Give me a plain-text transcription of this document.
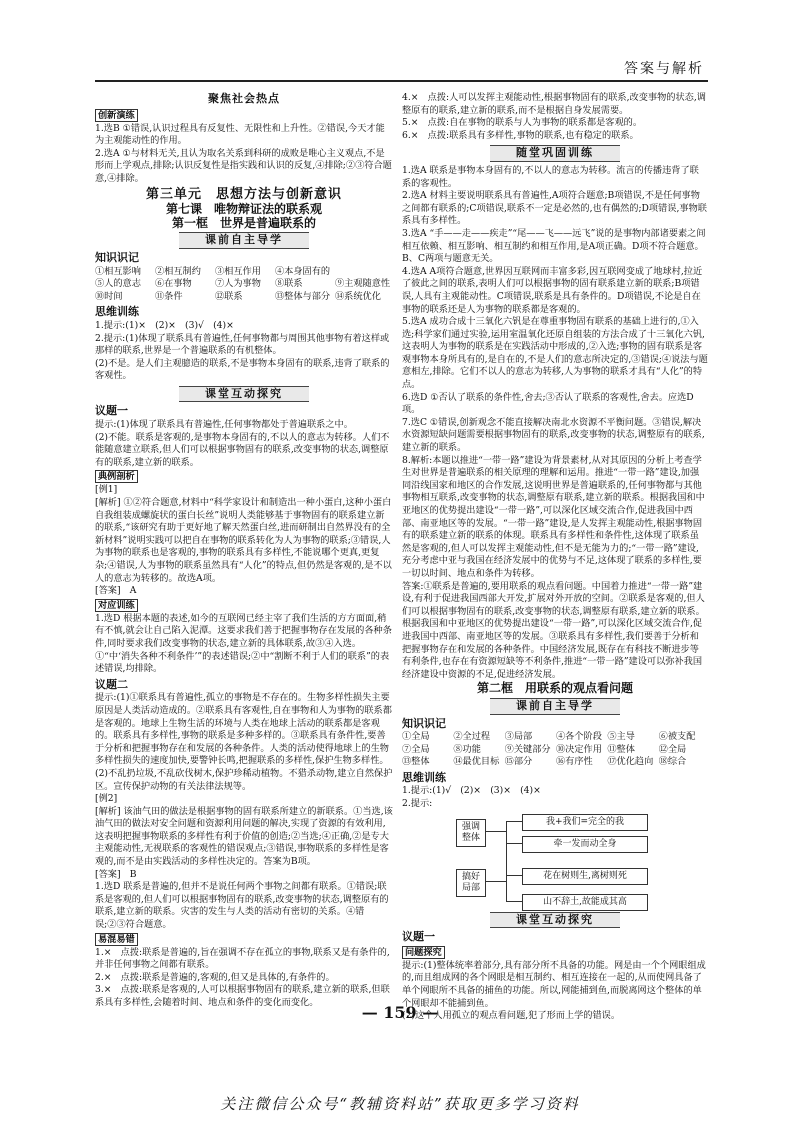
答案与解析
聚焦社会热点
创新演练

1.选B ①错误,认识过程具有反复性、无限性和上升性。②错误,今天才能为主观能动性的作用。

2.选A ①与材料无关,且认为取名关系到科研的成败是唯心主义观点,不是形而上学观点,排除;认识反复性是指实践和认识的反复,④排除;②③符合题意,④排除。

第三单元　思想方法与创新意识
第七课　唯物辩证法的联系观
第一框　世界是普遍联系的
课前自主导学
知识识记
①相互影响	②相互制约	③相互作用	④本身固有的
⑤人的意志	⑥在事物	⑦人为事物	⑧联系	⑨主观随意性
⑩时间	⑪条件	⑫联系	⑬整体与部分 ⑭系统优化
思维训练

1.提示:(1)×　(2)×　(3)√　(4)×

2.提示:(1)体现了联系具有普遍性,任何事物都与周围其他事物有着这样或那样的联系,世界是一个普遍联系的有机整体。

(2)不是。是人们主观臆造的联系,不是事物本身固有的联系,违背了联系的客观性。

课堂互动探究
议题一

提示:(1)体现了联系具有普遍性,任何事物都处于普遍联系之中。

(2)不能。联系是客观的,是事物本身固有的,不以人的意志为转移。人们不能随意建立联系,但人们可以根据事物固有的联系,改变事物的状态,调整原有的联系,建立新的联系。

典例剖析

[例1]

[解析] ①②符合题意,材料中“科学家设计和制造出一种小蛋白,这种小蛋白自我组装成螺旋状的蛋白长丝”说明人类能够基于事物固有的联系建立新的联系,“该研究有助于更好地了解天然蛋白丝,进而研制出自然界没有的全新材料”说明实践可以把自在事物的联系转化为人为事物的联系;③错误,人为事物的联系也是客观的,事物的联系具有多样性,不能说哪个更真,更复杂;④错误,人为事物的联系虽然具有“人化”的特点,但仍然是客观的,是不以人的意志为转移的。故选A项。

[答案]　A

对应训练

1.选D 根据本题的表述,如今的互联网已经主宰了我们生活的方方面面,稍有不慎,就会让自己陷入泥潭。这要求我们善于把握事物存在发展的各种条件,同时要求我们改变事物的状态,建立新的具体联系,故③④入选。①“中‘消失各种不利条件’”的表述错误;②中“割断不利于人们的联系”的表述错误,均排除。

议题二

提示:(1)①联系具有普遍性,孤立的事物是不存在的。生物多样性损失主要原因是人类活动造成的。②联系具有客观性,自在事物和人为事物的联系都是客观的。地球上生物生活的环境与人类在地球上活动的联系都是客观的。联系具有多样性,事物的联系是多种多样的。③联系具有条件性,要善于分析和把握事物存在和发展的各种条件。人类的活动使得地球上的生物多样性损失的速度加快,要警钟长鸣,把握联系的多样性,保护生物多样性。

(2)不乱扔垃圾,不乱砍伐树木,保护珍稀动植物。不猎杀动物,建立自然保护区。宣传保护动物的有关法律法规等。

[例2]

[解析] 该油气田的做法是根据事物的固有联系所建立的新联系。①当选,该油气田的做法对安全问题和资源利用问题的解决,实现了资源的有效利用,这表明把握事物联系的多样性有利于价值的创造;②当选;④正确,②是专大主观能动性,无视联系的客观性的错误观点;③错误,事物联系的多样性是客观的,而不是由实践活动的多样性决定的。答案为B项。

[答案]　B

1.选D 联系是普遍的,但并不是说任何两个事物之间都有联系。①错误;联系是客观的,但人们可以根据事物固有的联系,改变事物的状态,调整原有的联系,建立新的联系。灾害的发生与人类的活动有密切的关系。④错误;②③符合题意。

易混易错

1.×　点拨:联系是普遍的,旨在强调不存在孤立的事物,联系又是有条件的,并非任何事物之间都有联系。

2.×　点拨:联系是普遍的,客观的,但又是具体的,有条件的。

3.×　点拨:联系是客观的,人可以根据事物固有的联系,建立新的联系,但联系具有多样性,会随着时间、地点和条件的变化而变化。

4.×　点拨:人可以发挥主观能动性,根据事物固有的联系,改变事物的状态,调整原有的联系,建立新的联系,而不是根据自身发展需要。

5.×　点拨:自在事物的联系与人为事物的联系都是客观的。

6.×　点拨:联系具有多样性,事物的联系,也有稳定的联系。

随堂巩固训练

1.选A 联系是事物本身固有的,不以人的意志为转移。流言的传播违背了联系的客观性。

2.选A 材料主要说明联系具有普遍性,A项符合题意;B项错误,不是任何事物之间都有联系的;C项错误,联系不一定是必然的,也有偶然的;D项错误,事物联系具有多样性。

3.选A “手——走——疾走”“尾——飞——远飞”说的是事物内部诸要素之间相互依赖、相互影响、相互制约和相互作用,是A项正确。D项不符合题意。B、C两项与题意无关。

4.选A A项符合题意,世界因互联网而丰富多彩,因互联网变成了地球村,拉近了彼此之间的联系,表明人们可以根据事物的固有联系建立新的联系;B项错误,人具有主观能动性。C项错误,联系是具有条件的。D项错误,不论是自在事物的联系还是人为事物的联系都是客观的。

5.选A 成功合成十三氧化六钒是在尊重事物固有联系的基础上进行的,①入选;科学家们通过实验,运用室温氧化还原自组装的方法合成了十三氧化六钒,这表明人为事物的联系是在实践活动中形成的,②入选;事物的固有联系是客观事物本身所具有的,是自在的,不是人们的意志所决定的,③错误;④说法与题意相左,排除。它们不以人的意志为转移,人为事物的联系才具有“人化”的特点。

6.选D ①否认了联系的条件性,舍去;③否认了联系的客观性,舍去。应选D项。

7.选C ①错误,创新观念不能直接解决南北水资源不平衡问题。③错误,解决水资源短缺问题需要根据事物固有的联系,改变事物的状态,调整原有的联系,建立新的联系。

8.解析:本题以推进“一带一路”建设为背景素材,从对其原因的分析上考查学生对世界是普遍联系的相关原理的理解和运用。推进“一带一路”建设,加强同沿线国家和地区的合作发展,这说明世界是普遍联系的,任何事物都与其他事物相互联系,改变事物的状态,调整原有联系,建立新的联系。根据我国和中亚地区的优势提出建设“一带一路”,可以深化区域交流合作,促进我国中西部、南亚地区等的发展。“一带一路”建设,是人发挥主观能动性,根据事物固有的联系建立新的联系的体现。联系具有多样性和条件性,这体现了联系虽然是客观的,但人可以发挥主观能动性,但不是无能为力的;“一带一路”建设,充分考虑中亚与我国在经济发展中的优势与不足,这体现了联系的多样性,要一切以时间、地点和条件为转移。

答案:①联系是普遍的,要用联系的观点看问题。中国着力推进“一带一路”建设,有利于促进我国西部大开发,扩展对外开放的空间。②联系是客观的,但人们可以根据事物固有的联系,改变事物的状态,调整原有联系,建立新的联系。根据我国和中亚地区的优势提出建设“一带一路”,可以深化区域交流合作,促进我国中西部、南亚地区等的发展。③联系具有多样性,我们要善于分析和把握事物存在和发展的各种条件。中国经济发展,既存在有科技不断进步等有利条件,也存在有资源短缺等不利条件,推进“一带一路”建设可以弥补我国经济建设中资源的不足,促进经济发展。

第二框　用联系的观点看问题
课前自主导学
知识识记
①全局	②全过程	③局部	④各个阶段 ⑤主导	⑥被支配
⑦全局	⑧功能	⑨关键部分 ⑩决定作用 ⑪整体	⑫全局
⑬整体	⑭最优目标 ⑮部分	⑯有序性	⑰优化趋向 ⑱综合
思维训练

1.提示:(1)√　(2)×　(3)×　(4)×

2.提示:

强调整体
搞好局部
我+我们=完全的我
牵一发而动全身
花在树则生,离树则死
山不辞土,故能成其高
课堂互动探究
议题一
问题探究

提示:(1)整体统率着部分,具有部分所不具备的功能。网是由一个个网眼组成的,而且组成网的各个网眼是相互制约、相互连接在一起的,从而使网具备了单个网眼所不具备的捕鱼的功能。所以,网能捕到鱼,而脱离网这个整体的单个网眼却不能捕到鱼。

(2)这个人用孤立的观点看问题,犯了形而上学的错误。

— 159 —
关注微信公众号“教辅资料站”获取更多学习资料
